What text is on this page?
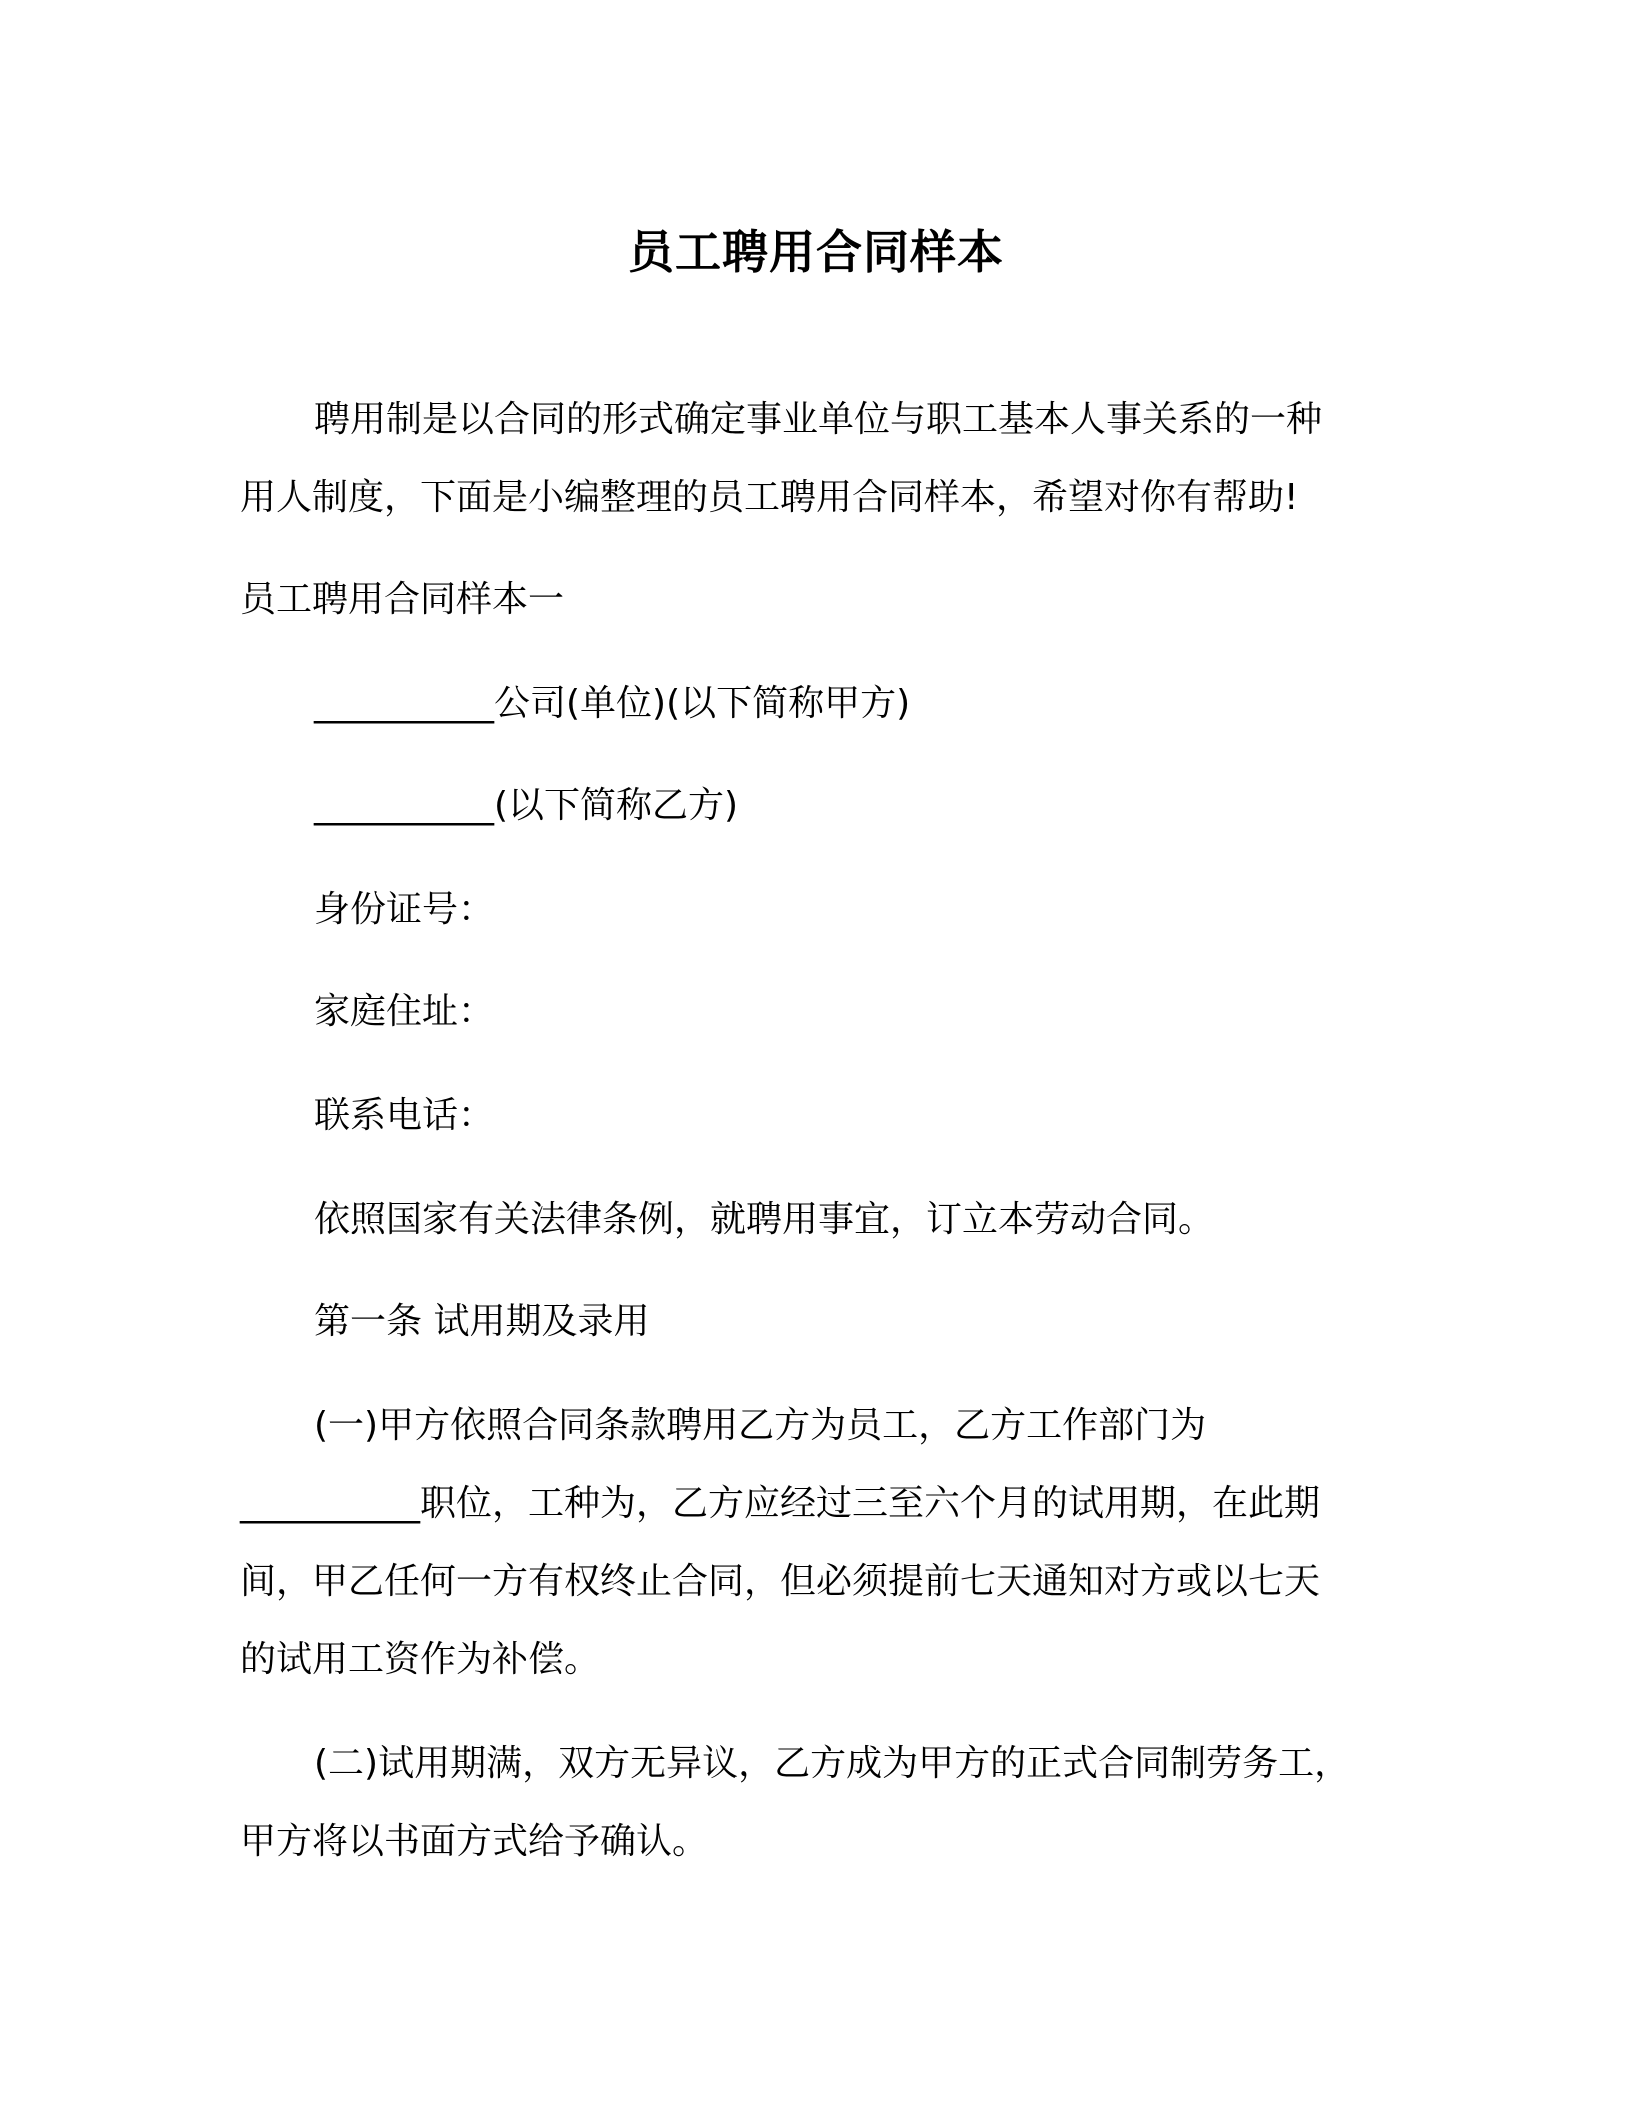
员工聘用合同样本
聘用制是以合同的形式确定事业单位与职工基本人事关系的一种
用人制度，下面是小编整理的员工聘用合同样本，希望对你有帮助!
员工聘用合同样本一
__________公司(单位)(以下简称甲方)
__________(以下简称乙方)
身份证号：
家庭住址：
联系电话：
依照国家有关法律条例，就聘用事宜，订立本劳动合同。
第一条 试用期及录用
(一)甲方依照合同条款聘用乙方为员工，乙方工作部门为
__________职位，工种为，乙方应经过三至六个月的试用期，在此期
间，甲乙任何一方有权终止合同，但必须提前七天通知对方或以七天
的试用工资作为补偿。
(二)试用期满，双方无异议，乙方成为甲方的正式合同制劳务工，
甲方将以书面方式给予确认。
